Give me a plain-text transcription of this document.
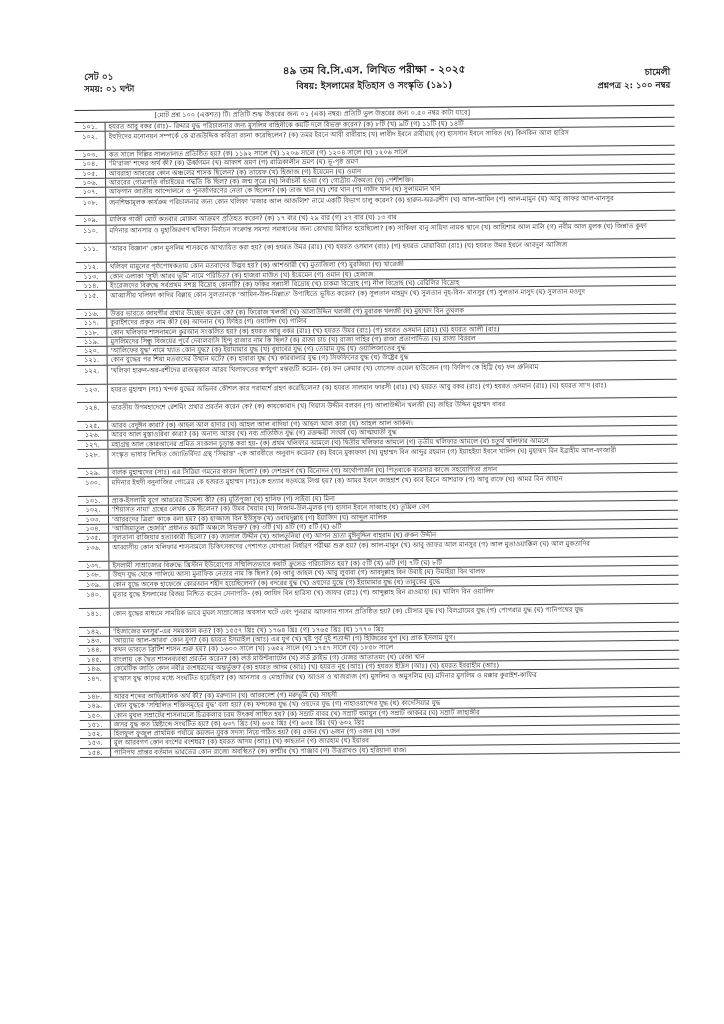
সেট ০১
সময়: ০১ ঘন্টা
৪৯ তম বি.সি.এস. লিখিত পরীক্ষা - ২০২৫
বিষয়: ইসলামের ইতিহাস ও সংস্কৃতি (১৯১)
চামেলী
প্রশ্নপত্র ২: ১০০ নম্বর
[মোট প্রশ্ন ১০০ (একশত) টি। প্রতিটি শুদ্ধ উত্তরের জন্য ০১ (এক) নম্বর। প্রতিটি ভুল উত্তরের জন্য ০.৫০ নম্বর কাটা যাবে]
১০১.	হযরত আবু বকর (রাঃ)– রিদ্দার যুদ্ধ পরিচালনার জন্য মুসলিম বাহিনীকে কয়টি দলে বিভক্ত করেন? (ক) ৮টি (খ) ৯টি (গ) ১১টি (ঘ) ১৪টি
১০২.	ইহুদিদের মনোনয়ন সম্পর্কে কে রাজউদ্দিক কবিতা রচনা করেছিলেন? (ক) তমর ইবনে আবী রাবীয়াহ (খ) লাবীদ ইবনে রাবীয়াহ (গ) হাসসান ইবনে সাবিত (ঘ) কিসকিন আল হারিস
১০৩.	কত সালে দিল্লির সালতানাত প্রতিষ্ঠিত হয়? (ক) ১১৯২ সালে (খ) ১২০৬ সালে (গ) ১২০৪ সালে (ঘ) ১২০৬ সালে
১০৪.	'মি'রাজ' শব্দের অর্থ কী? (ক) ঊর্ধ্বগমন (খ) আকাশ ভ্রমণ (গ) রাত্রিকালীন ভ্রমণ (ঘ) ভূ-পৃষ্ঠ ভ্রমণ
১০৫.	আবরাহা আবরের কোন অঞ্চলের শাসক ছিলেন? (ক) তায়েফ (খ) হিজাজ (গ) ইয়েমেন (ঘ) ওমান
১০৬.	আরবের গোত্রপতি বাঁচাইয়ের পদ্ধতি কি ছিল? (ক) জন্ম সূত্রে (খ) নির্বাচনী হওয়া (গ) গোত্রীয় ঐকমত্য (ঘ) পেশীশক্তি।
১০৭.	আফগান জাতীয় আন্দোলনে ও পুনর্জাগরণের নেতা কে ছিলেন? (ক) তাজ খান (খ) শের খান (গ) দাউদ খান (ঘ) সুলায়মান খান
১০৮.	জনশিক্ষামূলক কার্যক্রম পরিচালনার জন্য কোন খলিফা 'মজার আল আজলিশ' নামে একটি বিভাগ চালু করেন? (ক) হারুন-অর-রশীদ (খ) আল-আমিন (গ) আল-মামুন (ঘ) আবু জাফর আল-মানসুর
১০৯.	মালিক গাজী মোট কতবার মোঙ্গল আক্রমণ প্রতিহত করেন? (ক) ১৭ বার (খ) ২৯ বার (গ) ২৭ বার (ঘ) ১৩ বার
১১০.	মদিনার আনসার ও মুহাজিরগণ খলিফা নির্বাচন সংক্রান্ত সমস্যা সমাধানের জন্য কোথায় মিলিত হয়েছিলো? (ক) সাকিফা বানু সায়িদা নামক স্থানে (খ) আয়িশার আল মালি (গ) নবীম আল মুলক (ঘ) জিন্নাত কুফা
১১১.	'আরব বিজ্ঞান' কোন মুসলিম শাসককে আখ্যায়িত করা হয়? (ক) হযরত উমর (রাঃ) (খ) হযরত ওসমান (রাঃ) (গ) হযরত মোয়াবিয়া (রাঃ) (ঘ) হযরত উমর ইবনে আবদুল আজিজ
১১২.	খলিফা মামুনের পৃষ্ঠপোষকতায় কোন মতবাদের উদ্ভব হয়? (ক) আশআরী (খ) মুতাজিলা (গ) মুরজিয়া (ঘ) খারেজী
১১৩.	কোন এলাকা 'সুখী আরব ভূমি' নামে পরিচিত? (ক) হাজরা মাউত (খ) ইয়েমেন (গ) ওমান (ঘ) হেজাজ
১১৪.	ইংরেজদের বিরুদ্ধে সর্বপ্রথম সশস্ত্র বিদ্রোহ কোনটি? (ক) ফকির সন্ন্যাসী বিদ্রোহ (খ) চাকমা বিদ্রোহ (গ) নীল বিদ্রোহ (ঘ) বেরিলির বিদ্রোহ
১১৫.	আব্বাসীয় খলিফা কাদির বিল্লাহ কোন সুলতানকে 'আমিন-উল-মিল্লাত' উপাধিতে ভূষিত করেন? (ক) সুলতান মাহমুদ (খ) সুলতান নূহ-বিন- মানসুর (গ) সুলতান মাসুদ (ঘ) সুলতান মওদুদ
১১৬.	উত্তর ভারতে জায়গীর প্রথার উচ্ছেদ করেন কে? (ক) ফিরোজ খলজী (খ) আলাউদ্দিন খলজী (গ) মুবারক খলজী (ঘ) মুহাম্মদ বিন তুঘলক
১১৭.	কুরাইশদের প্রকৃত নাম কী? (ক) আদনান (খ) ফিহির (গ) ওয়ালিদ (ঘ) গালিব
১১৮.	কোন খলিফার শাসনামলে কুরআন সংকলিত হয়? (ক) হযরত আবু বকর (রাঃ) (খ) হযরত উমর (রাঃ) (গ) হযরত ওসমান (রাঃ) (ঘ) হযরত আলী (রাঃ)
১১৯.	মুসলিমদের সিন্ধু বিজয়ের পূর্বে দেবালবাসি হিন্দু রাজার নাম কি ছিল? (ক) রাজা চাচ (খ) রাজা দাহির (গ) রাজা প্রতাপাদিত্য (ঘ) রাজা বিরবল
১২০.	'আলিফের যুদ্ধ' নামে খ্যাত কোন যুদ্ধ? (ক) ইয়ামামার যুদ্ধ (খ) বুয়াবের যুদ্ধ (গ) তোরাম যুদ্ধ (ঘ) ওয়ালিজাতের যুদ্ধ
১২১.	কোন যুদ্ধের পর শিয়া মতবাদের উত্থান ঘটে? (ক) হারারা যুদ্ধ (খ) কারবালার যুদ্ধ (গ) সিফফিনের যুদ্ধ (ঘ) উষ্ট্রের যুদ্ধ
১২২.	'খলিফা হারুন-অর-রশীদের রাজত্বকাল আরব খিলাফতের স্বর্ণযুগ' মন্তব্যটি করেন- (ক) ফন ক্রেমার (খ) যোসেফ ওয়েল হাউজেন (গ) ফিলিপ কে হিট্টি (ঘ) ফন গ্রুনিবাম
১২৩.	হযরত মুহাম্মদ (সঃ) খন্দক যুদ্ধের অভিনব কৌশল কার পরামর্শে গ্রহণ করেছিলেন? (ক) হযরত সালমান ফারসী (রাঃ) (খ) হযরত আবু বকর (রাঃ) (গ) হযরত ওসমান (রাঃ) (ঘ) হযরত সা'দ (রাঃ)
১২৪.	ভারতীয় উপমহাদেশে রেশমিং প্রথার প্রবর্তন করেন কে? (ক) কায়কোবাদ (খ) গিয়াস উদ্দীন বলবন (গ) আলাউদ্দীন খলজী (ঘ) জহির উদ্দিন মুহাম্মদ বাবর
১২৫.	আরব বেদুঈন কারা? (ক) আহল আল হাদার (খ) আহল আল বাদিয়া (গ) আহল আল কারা (ঘ) আহল আল আকল।
১২৬.	আরব আল মুস্তাওরিবা কারা? (ক) অনাদ্য আরব (খ) নব্য প্রতিষ্ঠিত যুদ্ধ (গ) রক্তক্ষয়ী সংঘর্ষ (ঘ) আত্মঘাতী যুদ্ধ
১২৭.	মহাগ্রন্থ আল কোরআনের প্রমিত সংকলন চূড়ান্ত করা হয়- (ক) প্রথম খলিফার আমলে (খ) দ্বিতীয় খলিফার আমলে (গ) তৃতীয় খলিফার আমলে (ঘ) চতুর্থ খলিফার আমলে
১২৮.	সংস্কৃত ভাষায় লিখিত জ্যোতির্বিদ্যা গ্রন্থ 'সিদ্ধান্ত' -কে আরবীতে অনুবাদ করেন? (ক) ইবনে মুকাফফা (খ) মুহাম্মদ বিন আব্দুর রহমান (গ) ইয়াহইয়া ইবনে খালিদ (ঘ) মুহাম্মদ বিন ইব্রাহীম আল-ফাজারী
১২৯.	বালক মুহাম্মদের (সাঃ) এর সিরিয়া গমনের কারন ছিলো? (ক) দেশভ্রমণ (খ) বিনোদন (গ) অর্থোপার্জন (ঘ) পিতৃব্যকে ব্যবসার কাজে সহযোগিতা প্রদান
১৩০.	মদিনার ইহুদী বনুনাজির গোত্রের কে হজরত মুহাম্মদ (সঃ)কে হত্যার ষড়যন্ত্রে লিপ্ত হয়? (ক) আমর ইবনে জাহহাশ (খ) কাব ইবনে আশরাফ (গ) আবু রাফে (ঘ) আমর বিন জাহান
১৩১.	প্রাক-ইসলামি যুগে আরবের উদ্দেশ্য কী? (ক) মূর্তিপূজা (খ) হানিফ (গ) সাইবা (ঘ) মিনা
১৩২.	'শিয়াসত নামা' গ্রন্থের লেখক কে ছিলেন? (ক) উমর খৈয়াম (খ) নিজাম-উল-মুলক (গ) হাসান ইবনে সাব্বাহ (ঘ) তুঘ্রিল বেগ
১৩৩.	'আরবদের ত্রিরা' কাকে বলা হয়? (ক) হাজ্জাজ বিন ইউসুফ (খ) ওবায়দুল্লাহ (গ) ইয়াজিদ (ঘ) আব্দুল মালিক
১৩৪.	'আজিমাতুল হেজরি' প্রধানত কয়টি অঞ্চলে বিভক্ত? (ক) ৩টি (খ) ৪টি (গ) ৫টি (ঘ) ৬টি
১৩৫.	সুলতানা রাজিয়ার হত্যাকারী ছিলো? (ক) জালাল উদ্দীন (খ) আলতুনিয়া (গ) আপন ভ্রাতা মুঈনুদ্দিন বাহরাম (ঘ) রুকন উদ্দীন
১৩৬.	আব্বাসীয় কোন খলিফার শাসনামলে চিকিৎসকদের পেশাগত যোগ্যতা নির্ধারণ পরীক্ষা শুরু হয়? (ক) আল-মামুন (খ) আবু জাফর আল মানসুর (গ) আল মুতাওয়াক্কিল (ঘ) আল মুকতাদির
১৩৭.	ইসলামী সাম্রাজ্যের বিরুদ্ধে খ্রিস্টান ইউরোপের সম্মিলিতভাবে কয়টি ক্রুসেড পরিচালিত হয়? (ক) ৫টি (খ) ৬টি (গ) ৭টি (ঘ) ৮টি
১৩৮.	উহুদ যুদ্ধ থেকে পালিয়ে আসা মুনাফিক নেতার নাম কি ছিল? (ক) আবু জাহল (খ) আবু লুবাবা (গ) আবদুল্লাহ বিন উবাই (ঘ) উমাইয়া বিন খালফ
১৩৯.	কোন যুদ্ধে অনেক হাফেজে কোরআন শহীদ হয়েছিলেন? (ক) বদরের যুদ্ধ (খ) ওহুদের যুদ্ধে (গ) ইয়ামামার যুদ্ধ (ঘ) তাবুকের যুদ্ধে
১৪০.	মুতার যুদ্ধে ইসলামের বিজয় নিশ্চিত করেন সেনাপতি- (ক) জায়িদ বিন হারিসা (খ) জাফর (রাঃ) (গ) আব্দুল্লাহ বিন রাওয়াহা (ঘ) খালিদ বিন ওয়ালিদ
১৪১.	কোন যুদ্ধের মাধ্যমে সাময়িক ভাবে মুঘল সাম্রাজ্যের অবসান ঘটে এবং পুনরায় আফগান শাসন প্রতিষ্ঠিত হয়? (ক) চৌসার যুদ্ধ (খ) বিলগ্রামের যুদ্ধ (গ) পোগরার যুদ্ধ (ঘ) পানিপথের যুদ্ধ
১৪২.	'হিজাজের মনসুর'-এর সময়কাল কত? (ক) ১৫৫৭ খ্রিঃ (খ) ১৭৬৪ খ্রিঃ (গ) ১৭৬৫ খ্রিঃ (ঘ) ১৭৭০ খ্রিঃ
১৪৩.	'আয়্যাম আল-আরব' কোন যুগ? (ক) হযরত ইসমাইল (আঃ) এর যুগ (খ) খৃষ্ট পূর্ব দুই শতাব্দী (গ) হিজিরের যুগ (ঘ) প্রাক ইসলাম যুগ।
১৪৪.	কখন ভারতে ব্রিটিশ শাসন শুরু হয়? (ক) ১৬০০ সালে (খ) ১৬৫২ সালে (গ) ১৭৫৭ সালে (ঘ) ১৮৫৮ সালে
১৪৫.	বাংলায় কে দ্বৈত শাসনব্যবস্থা প্রবর্তন করেন? (ক) লর্ড মাউন্টব্যাটেন (খ) লর্ড ক্লাইভ (গ) মেজর আতাতমং (ঘ) রেজা খান
১৪৬.	কেমেটিক জাতি কোন নবীর বংশধরদের অন্তর্ভুক্ত? (ক) হযরত আদম (আঃ) (খ) হযরত নূহ (আঃ) (গ) হযরত ইদ্রিস (আঃ) (ঘ) হযরত ইবরাহীম (আঃ)
১৪৭.	বু'আস যুদ্ধ কাদের মধ্যে সংঘটিত হয়েছিল? (ক) আনসার ও মোহাজির (খ) আওস ও খাজরাজ (গ) মুসলিম ও অমুসলিম (ঘ) মদিনার মুসলিম ও মক্কার কুরাইশ-কাফির
১৪৮.	আরব শব্দের আভিধানিক অর্থ কী? (ক) মরুদ্যান (খ) আরবদেশ (গ) মরুভূমি (ঘ) সাহসী
১৪৯.	কোন যুদ্ধকে 'সম্মিলিত শক্তিসমূহের যুদ্ধ' বলা হয়? (ক) খন্দকের যুদ্ধ (খ) ওহুদের যুদ্ধ (গ) নাহাওয়ান্দের যুদ্ধ (ঘ) কাদেসিয়ার যুদ্ধ
১৫০.	কোন মুঘল সম্রাটের শাসনামলে চিত্রকলার চরম উৎকর্ষ সাধিত হয়? (ক) সম্রাট বাবর (খ) সম্রাট হুমায়ুন (গ) সম্রাট আকবর (ঘ) সম্রাট জাহাঙ্গীর
১৫১.	জসর যুদ্ধ কত খ্রিষ্টাব্দে সংঘটিত হয়? (ক) ৬৩৭ খ্রিঃ (খ) ৬৩৫ খ্রিঃ (গ) ৬৩৫ খ্রিঃ (ঘ) ৬৩২ খ্রিঃ
১৫২.	হিলফুল ফুজুল প্রাথমিক পর্যায়ে কয়জন যুবক সদস্য নিয়ে গঠিত হয়? (ক) ৫জন (খ) ৬জন (গ) ৩জন (ঘ) ৭জন
১৫৩.	মুল আরবগণ কোন বংশের বংশধর? (ক) হযরত আদম (আঃ) (খ) কাহতান (গ) জারহাম (ঘ) ইয়ারব
১৫৪.	পানিপথ প্রান্তর বর্তমান ভারতের কোন রাজ্যে অবস্থিত? (ক) কাশ্মীর (খ) পাঞ্জাব (গ) উত্তরাখণ্ড (ঘ) হরিয়ানা রাজ্য
